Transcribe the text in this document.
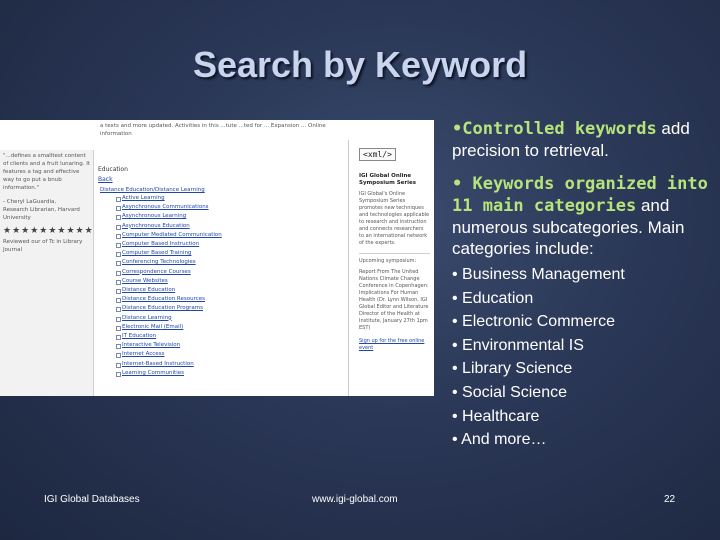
Search by Keyword
a texts and more updated. Activities in this ...tute ...ted for ... Expansion ... Online information
"...defines a smalltest content of clients and a fruit lunaring. It features a tag and effective way to go put a bnub information."
- Cheryl LaGuardia,
Research Librarian, Harvard University
★★★★★★★★★★
Reviewed our of Tc in Library Journal
Education
Back
Distance Education/Distance Learning
Active Learning
Asynchronous Communications
Asynchronous Learning
Asynchronous Education
Computer Mediated Communication
Computer Based Instruction
Computer Based Training
Conferencing Technologies
Correspondence Courses
Course Websites
Distance Education
Distance Education Resources
Distance Education Programs
Distance Learning
Electronic Mail (Email)
IT Education
Interactive Television
Internet Access
Internet-Based Instruction
Learning Communities
<xml/>
IGI Global Online Symposium Series
IGI Global's Online Symposium Series promotes new techniques and technologies applicable to research and instruction and connects researchers to an international network of the experts.
Upcoming symposium:
Report From The United Nations Climate Change Conference in Copenhagen: Implications For Human Health (Dr. Lynn Wilson, IGI Global Editor and Literature Director of the Health at Institute, January 27th 1pm EST)
Sign up for the free online event
•Controlled keywords add precision to retrieval.
• Keywords organized into 11 main categories and numerous subcategories. Main categories include:
• Business Management
• Education
• Electronic Commerce
• Environmental IS
• Library Science
• Social Science
• Healthcare
• And more…
IGI Global Databases	www.igi-global.com	22
